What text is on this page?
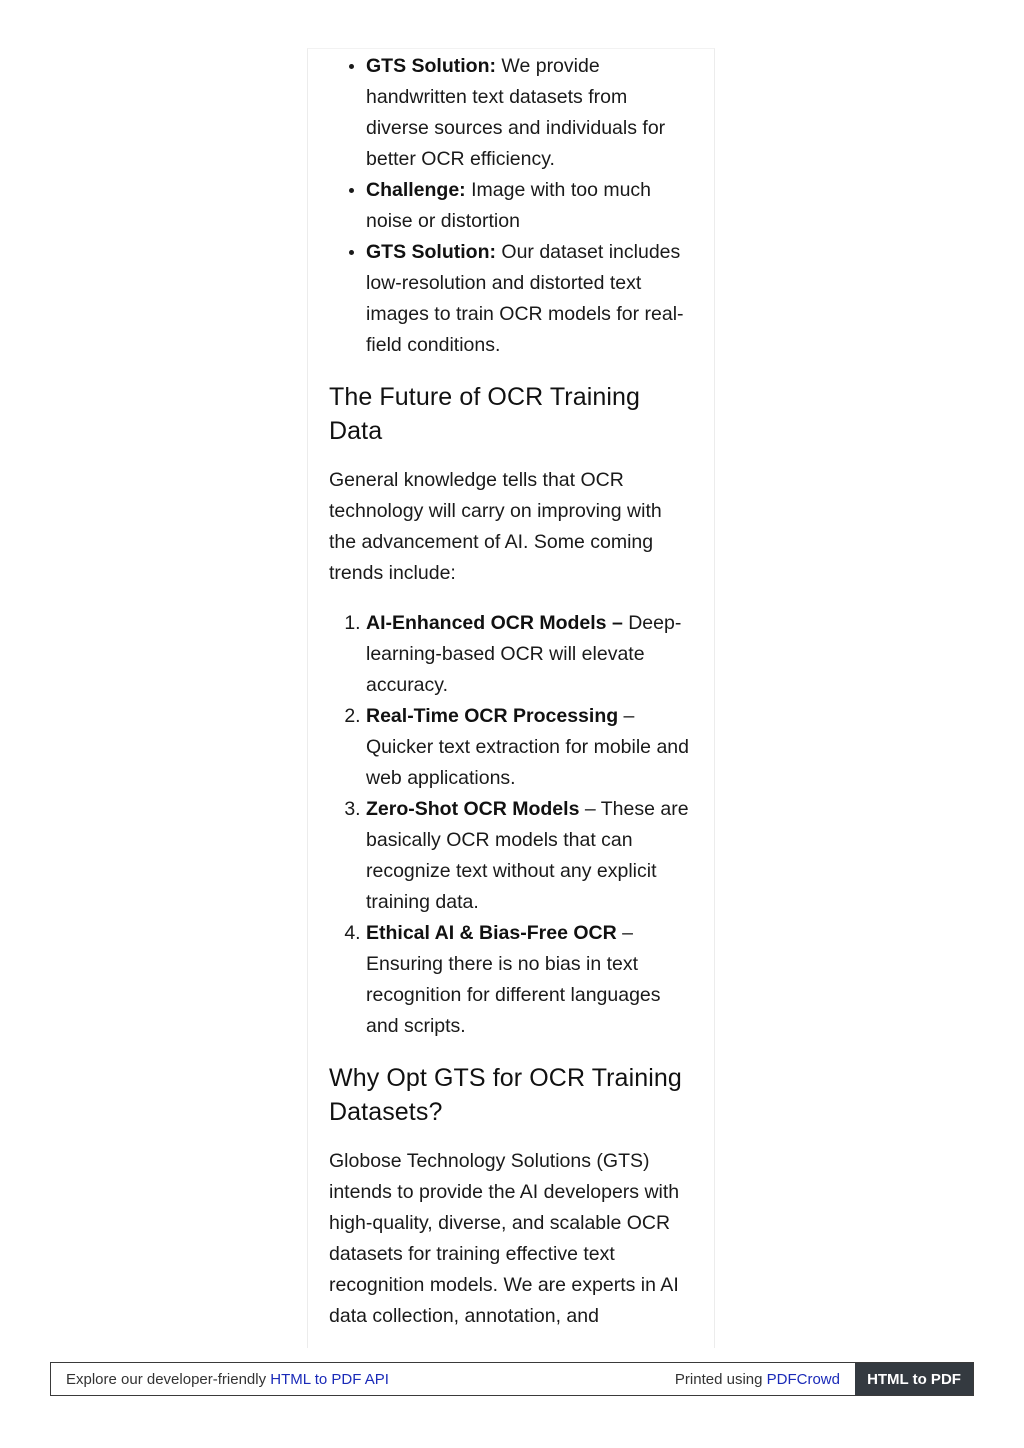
• GTS Solution: We provide handwritten text datasets from diverse sources and individuals for better OCR efficiency.
• Challenge: Image with too much noise or distortion
• GTS Solution: Our dataset includes low-resolution and distorted text images to train OCR models for real-field conditions.
The Future of OCR Training Data

General knowledge tells that OCR technology will carry on improving with the advancement of AI. Some coming trends include:

1. AI-Enhanced OCR Models – Deep-learning-based OCR will elevate accuracy.
2. Real-Time OCR Processing – Quicker text extraction for mobile and web applications.
3. Zero-Shot OCR Models – These are basically OCR models that can recognize text without any explicit training data.
4. Ethical AI & Bias-Free OCR – Ensuring there is no bias in text recognition for different languages and scripts.
Why Opt GTS for OCR Training Datasets?

Globose Technology Solutions (GTS) intends to provide the AI developers with high-quality, diverse, and scalable OCR datasets for training effective text recognition models. We are experts in AI data collection, annotation, and

Explore our developer-friendly HTML to PDF API	Printed using PDFCrowd	HTML to PDF
